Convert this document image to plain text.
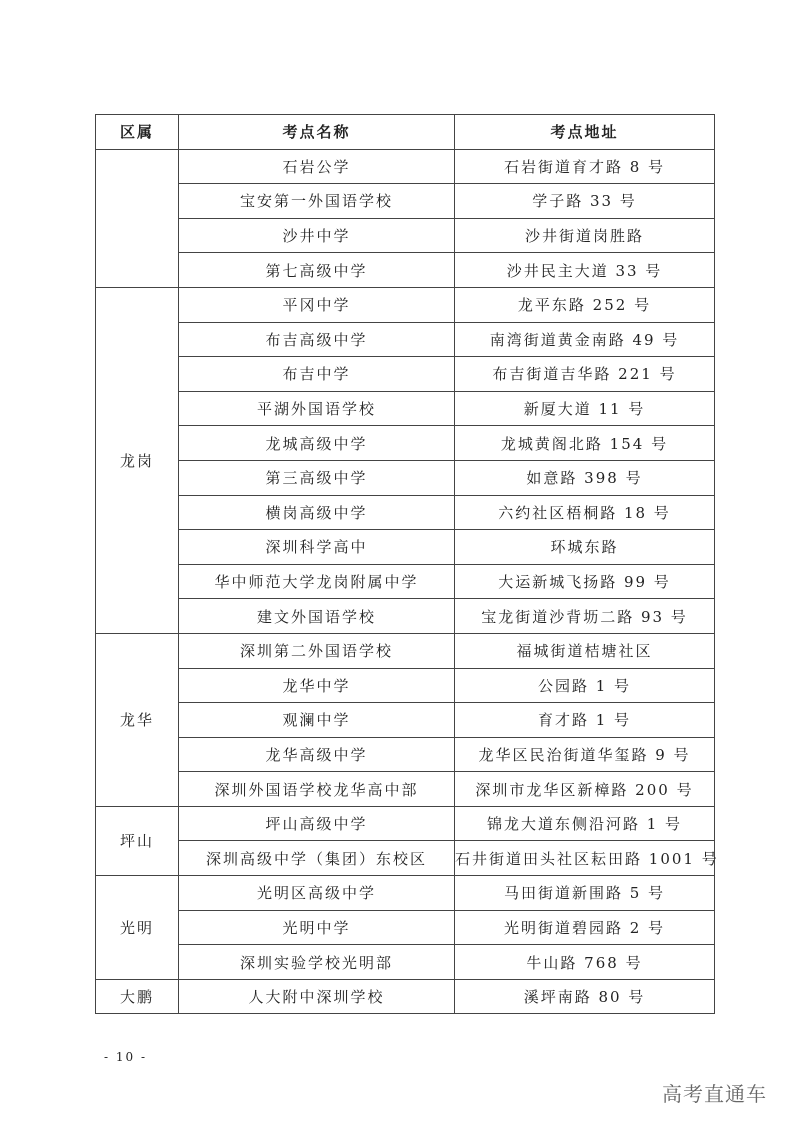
区属	考点名称	考点地址
	石岩公学	石岩街道育才路 8 号
	宝安第一外国语学校	学子路 33 号
	沙井中学	沙井街道岗胜路
	第七高级中学	沙井民主大道 33 号
龙岗	平冈中学	龙平东路 252 号
	布吉高级中学	南湾街道黄金南路 49 号
	布吉中学	布吉街道吉华路 221 号
	平湖外国语学校	新厦大道 11 号
	龙城高级中学	龙城黄阁北路 154 号
	第三高级中学	如意路 398 号
	横岗高级中学	六约社区梧桐路 18 号
	深圳科学高中	环城东路
	华中师范大学龙岗附属中学	大运新城飞扬路 99 号
	建文外国语学校	宝龙街道沙背坜二路 93 号
龙华	深圳第二外国语学校	福城街道桔塘社区
	龙华中学	公园路 1 号
	观澜中学	育才路 1 号
	龙华高级中学	龙华区民治街道华玺路 9 号
	深圳外国语学校龙华高中部	深圳市龙华区新樟路 200 号
坪山	坪山高级中学	锦龙大道东侧沿河路 1 号
	深圳高级中学（集团）东校区	石井街道田头社区耘田路 1001 号
光明	光明区高级中学	马田街道新围路 5 号
	光明中学	光明街道碧园路 2 号
	深圳实验学校光明部	牛山路 768 号
大鹏	人大附中深圳学校	溪坪南路 80 号
- 10 -
高考直通车
